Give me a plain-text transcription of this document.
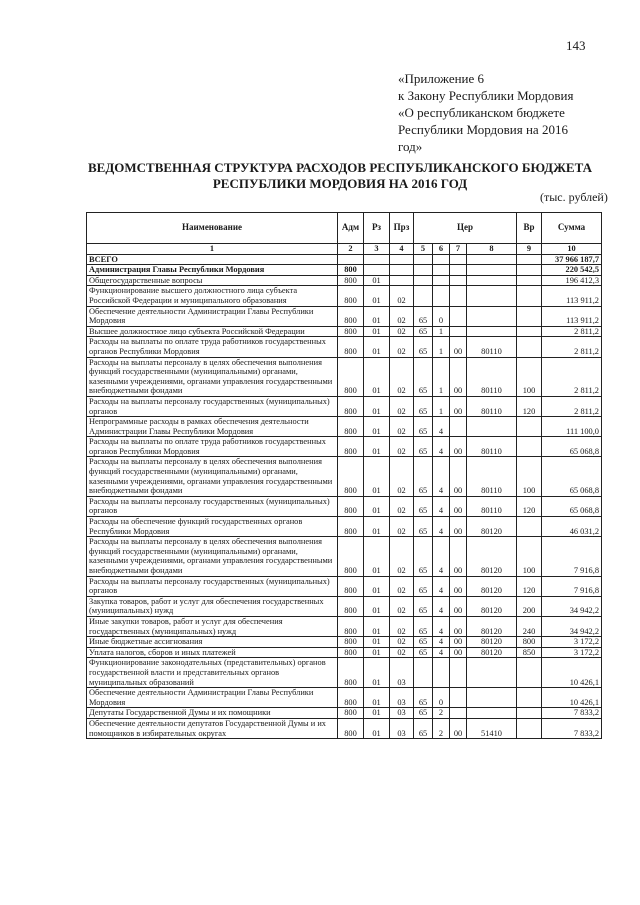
143
«Приложение 6
к Закону Республики Мордовия
«О республиканском бюджете
Республики Мордовия на 2016
год»
ВЕДОМСТВЕННАЯ СТРУКТУРА РАСХОДОВ РЕСПУБЛИКАНСКОГО БЮДЖЕТА
РЕСПУБЛИКИ МОРДОВИЯ НА 2016 ГОД
(тыс. рублей)
Наименование	Адм	Рз	Прз	Цер				Вр	Сумма
1	2	3	4	5	6	7	8	9	10
ВСЕГО									37 966 187,7
Администрация Главы Республики Мордовия	800								220 542,5
Общегосударственные вопросы	800	01							196 412,3
Функционирование высшего должностного лица субъекта Российской Федерации и муниципального образования	800	01	02						113 911,2
Обеспечение деятельности Администрации Главы Республики Мордовия	800	01	02	65	0				113 911,2
Высшее должностное лицо субъекта Российской Федерации	800	01	02	65	1				2 811,2
Расходы на выплаты по оплате труда работников государственных органов Республики Мордовия	800	01	02	65	1	00	80110		2 811,2
Расходы на выплаты персоналу в целях обеспечения выполнения функций государственными (муниципальными) органами, казенными учреждениями, органами управления государственными внебюджетными фондами	800	01	02	65	1	00	80110	100	2 811,2
Расходы на выплаты персоналу государственных (муниципальных) органов	800	01	02	65	1	00	80110	120	2 811,2
Непрограммные расходы в рамках обеспечения деятельности Администрации Главы Республики Мордовия	800	01	02	65	4				111 100,0
Расходы на выплаты по оплате труда работников государственных органов Республики Мордовия	800	01	02	65	4	00	80110		65 068,8
Расходы на выплаты персоналу в целях обеспечения выполнения функций государственными (муниципальными) органами, казенными учреждениями, органами управления государственными внебюджетными фондами	800	01	02	65	4	00	80110	100	65 068,8
Расходы на выплаты персоналу государственных (муниципальных) органов	800	01	02	65	4	00	80110	120	65 068,8
Расходы на обеспечение функций государственных органов Республики Мордовия	800	01	02	65	4	00	80120		46 031,2
Расходы на выплаты персоналу в целях обеспечения выполнения функций государственными (муниципальными) органами, казенными учреждениями, органами управления государственными внебюджетными фондами	800	01	02	65	4	00	80120	100	7 916,8
Расходы на выплаты персоналу государственных (муниципальных) органов	800	01	02	65	4	00	80120	120	7 916,8
Закупка товаров, работ и услуг для обеспечения государственных (муниципальных) нужд	800	01	02	65	4	00	80120	200	34 942,2
Иные закупки товаров, работ и услуг для обеспечения государственных (муниципальных) нужд	800	01	02	65	4	00	80120	240	34 942,2
Иные бюджетные ассигнования	800	01	02	65	4	00	80120	800	3 172,2
Уплата налогов, сборов и иных платежей	800	01	02	65	4	00	80120	850	3 172,2
Функционирование законодательных (представительных) органов государственной власти и представительных органов муниципальных образований	800	01	03						10 426,1
Обеспечение деятельности Администрации Главы Республики Мордовия	800	01	03	65	0				10 426,1
Депутаты Государственной Думы и их помощники	800	01	03	65	2				7 833,2
Обеспечение деятельности депутатов Государственной Думы и их помощников в избирательных округах	800	01	03	65	2	00	51410		7 833,2
